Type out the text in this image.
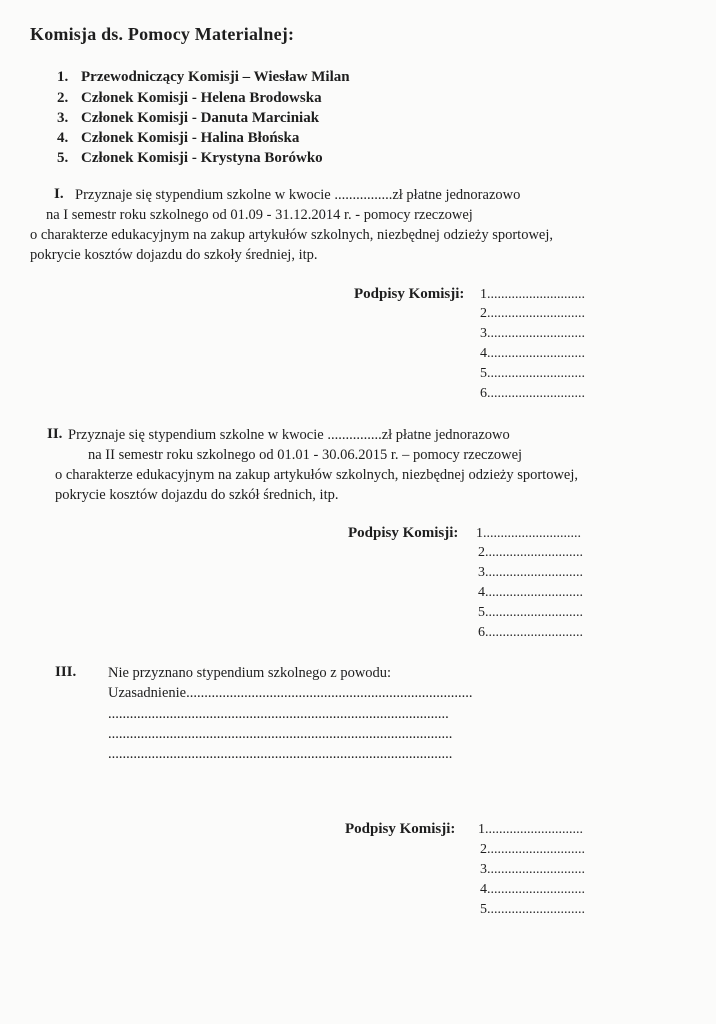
Komisja ds. Pomocy Materialnej:
1. Przewodniczący Komisji – Wiesław Milan
2. Członek Komisji - Helena Brodowska
3. Członek Komisji - Danuta Marciniak
4. Członek Komisji - Halina Błońska
5. Członek Komisji - Krystyna Borówko
I. Przyznaje się stypendium szkolne w kwocie ................zł płatne jednorazowo
na I semestr roku szkolnego od 01.09 - 31.12.2014 r. - pomocy rzeczowej
o charakterze edukacyjnym na zakup artykułów szkolnych, niezbędnej odzieży sportowej,
pokrycie kosztów dojazdu do szkoły średniej, itp.
Podpisy Komisji: 1............................
2............................
3............................
4............................
5............................
6............................
II. Przyznaje się stypendium szkolne w kwocie ...............zł płatne jednorazowo
na II semestr roku szkolnego od 01.01 - 30.06.2015 r. – pomocy rzeczowej
o charakterze edukacyjnym na zakup artykułów szkolnych, niezbędnej odzieży sportowej,
pokrycie kosztów dojazdu do szkół średnich, itp.
Podpisy Komisji: 1............................
2............................
3............................
4............................
5............................
6............................
III. Nie przyznano stypendium szkolnego z powodu:
Uzasadnienie...............................................................................
..............................................................................................
...............................................................................................
...............................................................................................
Podpisy Komisji: 1............................
2............................
3............................
4............................
5............................
